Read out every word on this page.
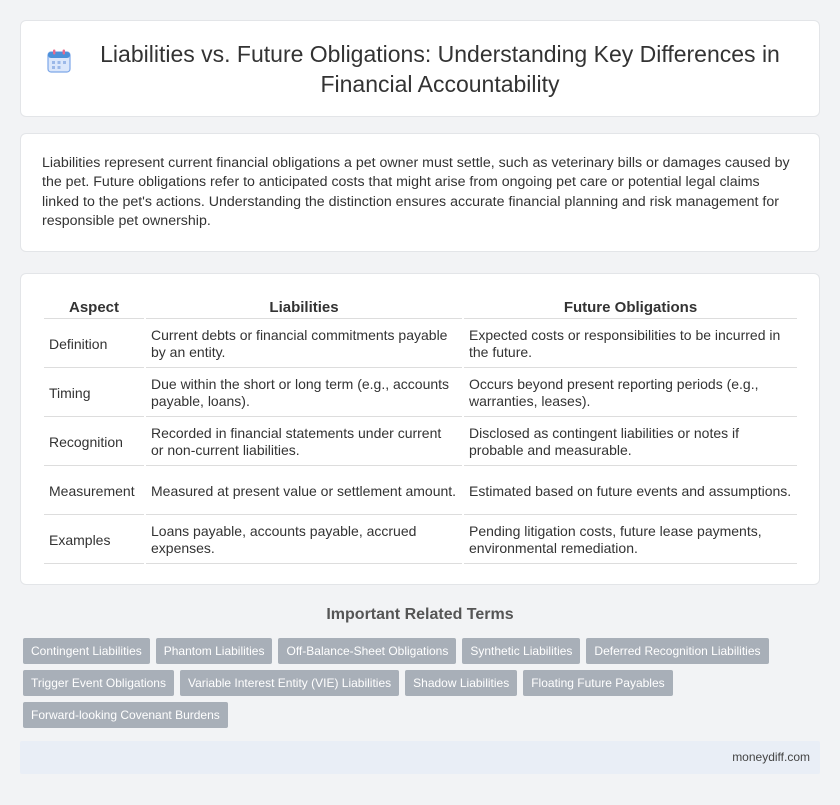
Liabilities vs. Future Obligations: Understanding Key Differences in Financial Accountability

Liabilities represent current financial obligations a pet owner must settle, such as veterinary bills or damages caused by the pet. Future obligations refer to anticipated costs that might arise from ongoing pet care or potential legal claims linked to the pet's actions. Understanding the distinction ensures accurate financial planning and risk management for responsible pet ownership.

Aspect	Liabilities	Future Obligations
Definition	Current debts or financial commitments payable by an entity.	Expected costs or responsibilities to be incurred in the future.
Timing	Due within the short or long term (e.g., accounts payable, loans).	Occurs beyond present reporting periods (e.g., warranties, leases).
Recognition	Recorded in financial statements under current or non-current liabilities.	Disclosed as contingent liabilities or notes if probable and measurable.
Measurement	Measured at present value or settlement amount.	Estimated based on future events and assumptions.
Examples	Loans payable, accounts payable, accrued expenses.	Pending litigation costs, future lease payments, environmental remediation.
Important Related Terms
Contingent Liabilities	Phantom Liabilities	Off-Balance-Sheet Obligations	Synthetic Liabilities	Deferred Recognition Liabilities
Trigger Event Obligations	Variable Interest Entity (VIE) Liabilities	Shadow Liabilities	Floating Future Payables
Forward-looking Covenant Burdens
moneydiff.com
